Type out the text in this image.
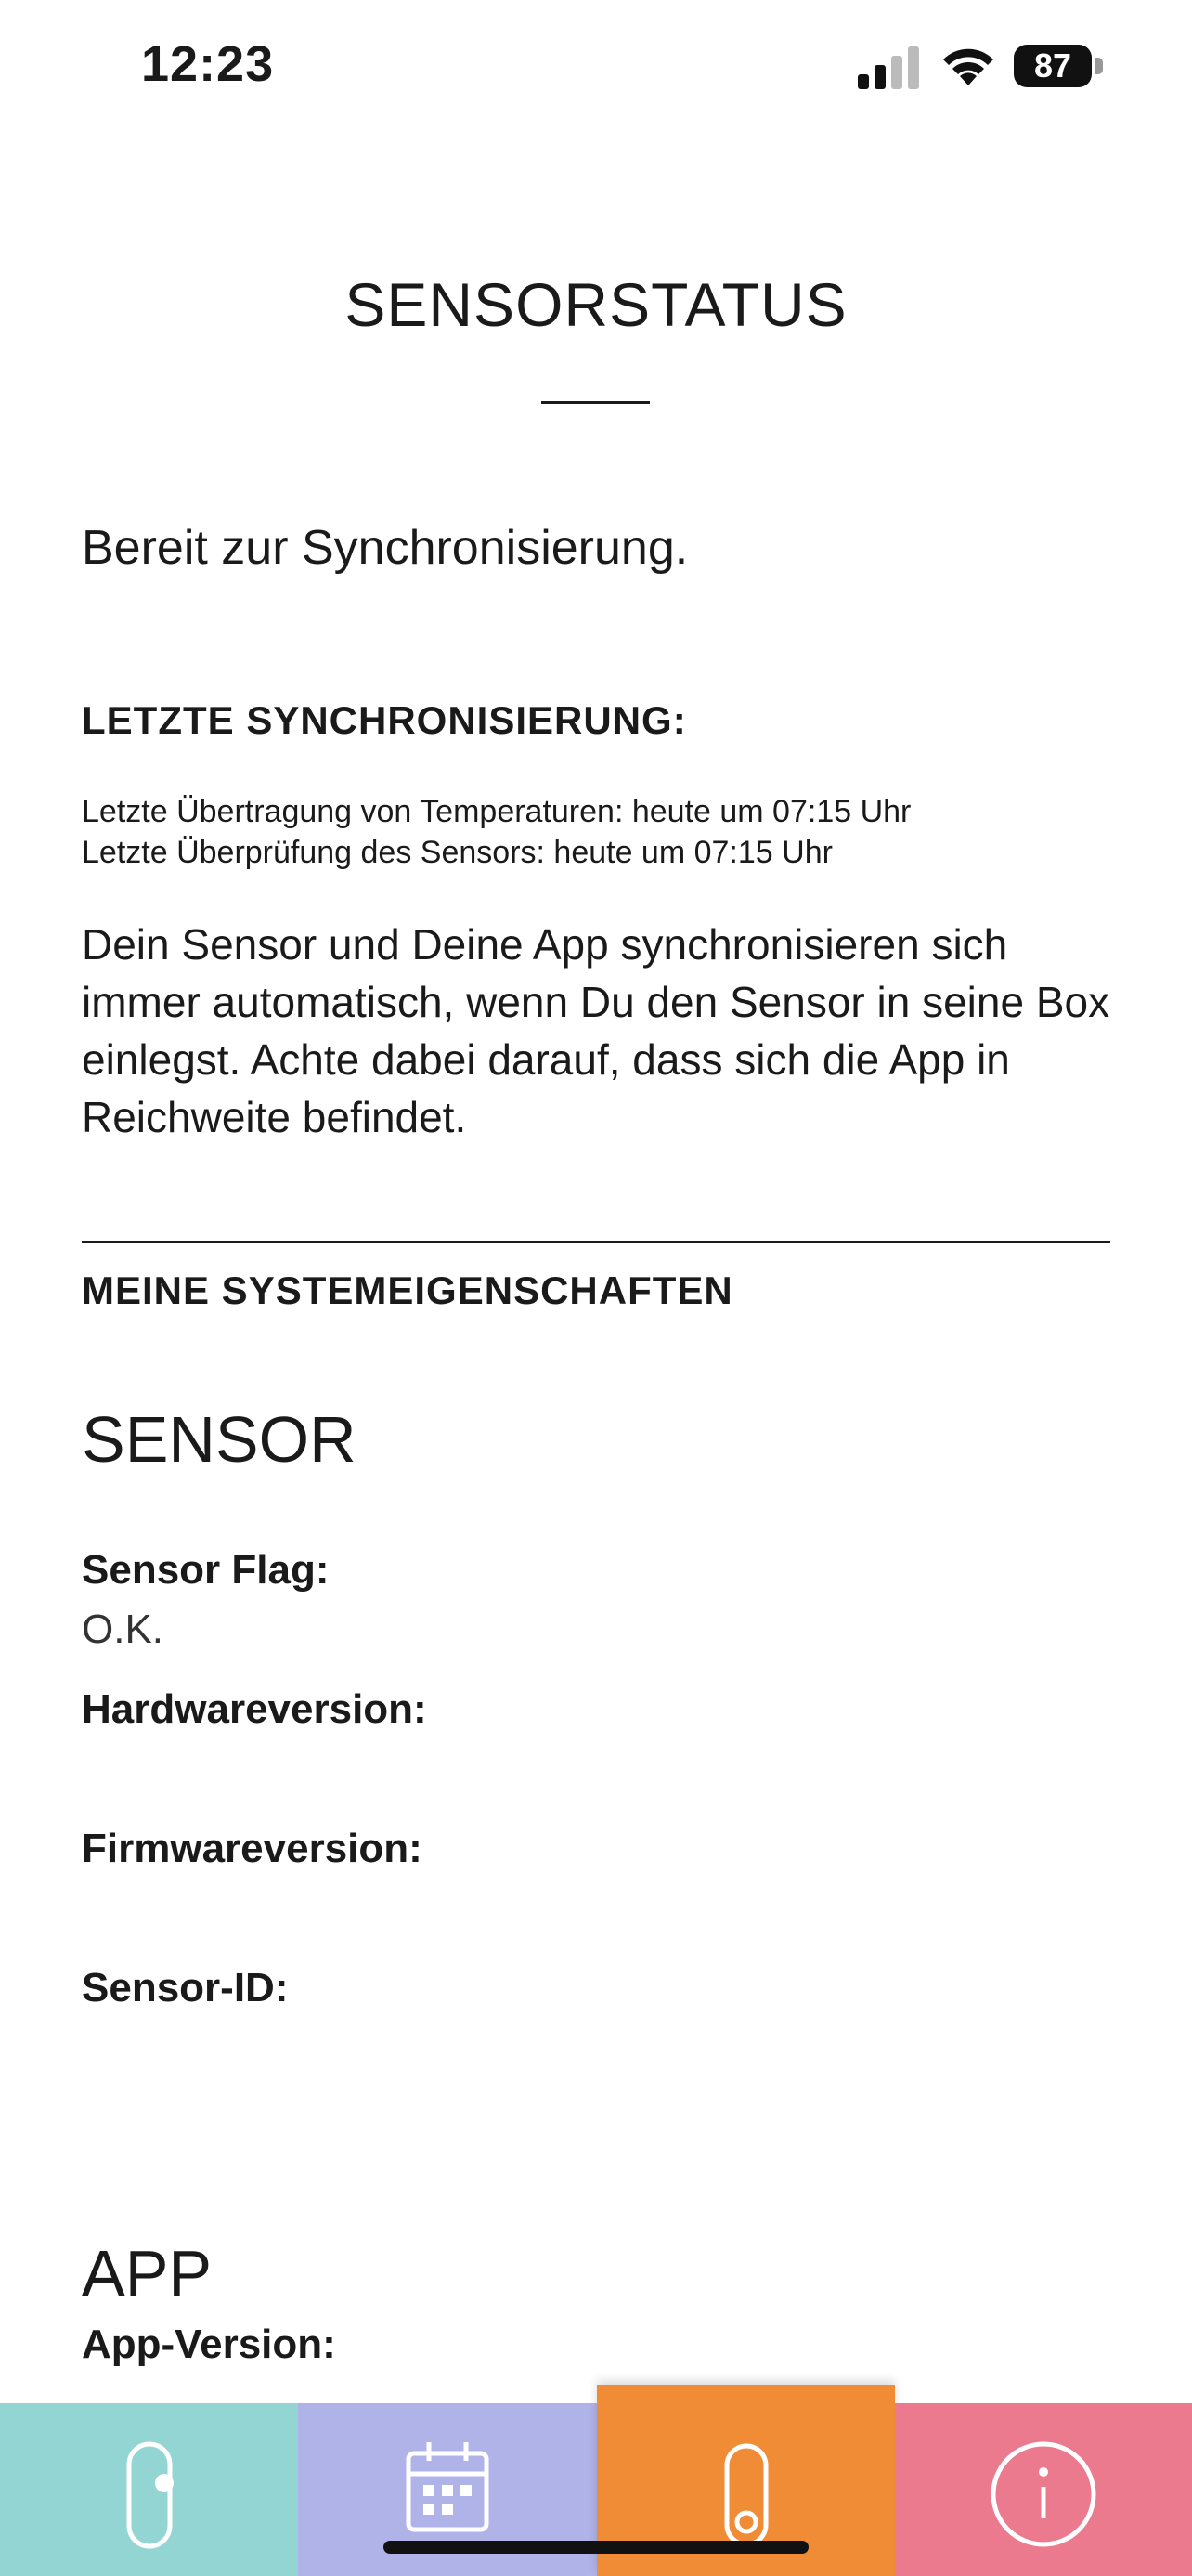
12:23	87
SENSORSTATUS
Bereit zur Synchronisierung.
LETZTE SYNCHRONISIERUNG:
Letzte Übertragung von Temperaturen: heute um 07:15 Uhr
Letzte Überprüfung des Sensors: heute um 07:15 Uhr
Dein Sensor und Deine App synchronisieren sich immer automatisch, wenn Du den Sensor in seine Box einlegst. Achte dabei darauf, dass sich die App in Reichweite befindet.
MEINE SYSTEMEIGENSCHAFTEN
SENSOR
Sensor Flag:
O.K.
Hardwareversion:
Firmwareversion:
Sensor-ID:
APP
App-Version:
